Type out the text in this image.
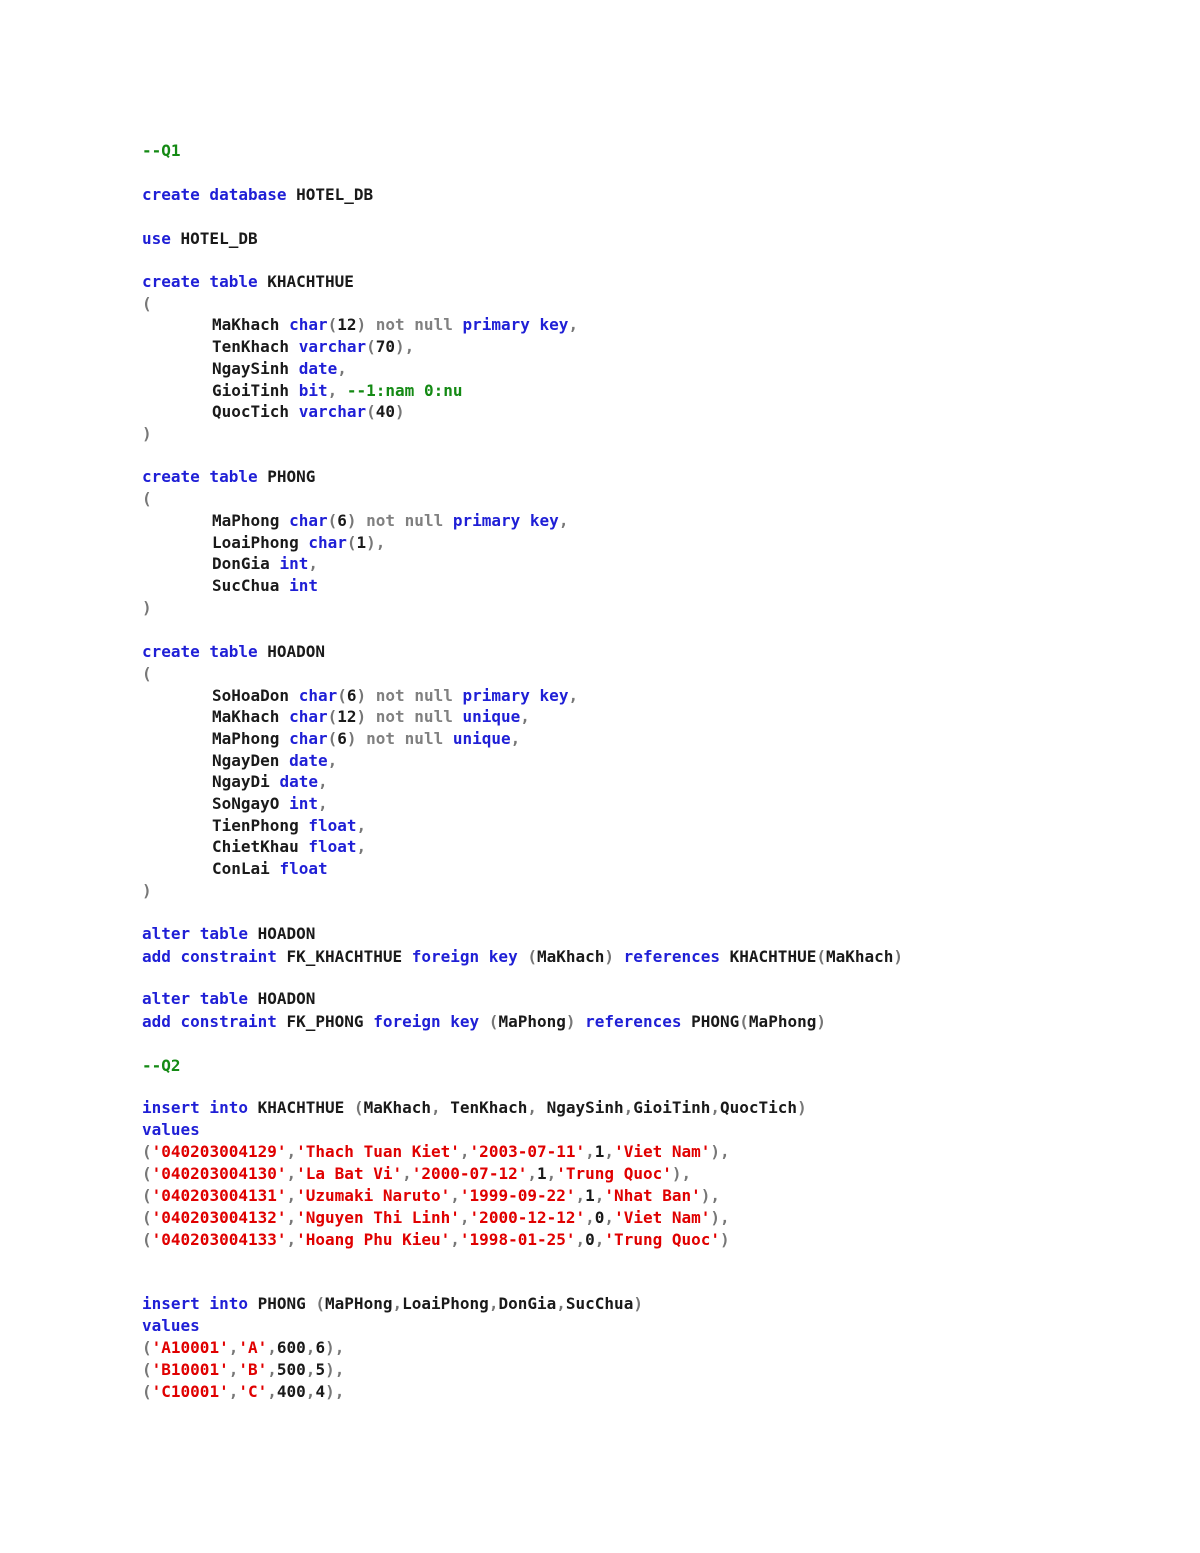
--Q1
create database HOTEL_DB
use HOTEL_DB
create table KHACHTHUE
(
MaKhach char(12) not null primary key,
TenKhach varchar(70),
NgaySinh date,
GioiTinh bit, --1:nam 0:nu
QuocTich varchar(40)
)
create table PHONG
(
MaPhong char(6) not null primary key,
LoaiPhong char(1),
DonGia int,
SucChua int
)
create table HOADON
(
SoHoaDon char(6) not null primary key,
MaKhach char(12) not null unique,
MaPhong char(6) not null unique,
NgayDen date,
NgayDi date,
SoNgayO int,
TienPhong float,
ChietKhau float,
ConLai float
)
alter table HOADON
add constraint FK_KHACHTHUE foreign key (MaKhach) references KHACHTHUE(MaKhach)
alter table HOADON
add constraint FK_PHONG foreign key (MaPhong) references PHONG(MaPhong)
--Q2
insert into KHACHTHUE (MaKhach, TenKhach, NgaySinh,GioiTinh,QuocTich)
values
('040203004129','Thach Tuan Kiet','2003-07-11',1,'Viet Nam'),
('040203004130','La Bat Vi','2000-07-12',1,'Trung Quoc'),
('040203004131','Uzumaki Naruto','1999-09-22',1,'Nhat Ban'),
('040203004132','Nguyen Thi Linh','2000-12-12',0,'Viet Nam'),
('040203004133','Hoang Phu Kieu','1998-01-25',0,'Trung Quoc')
insert into PHONG (MaPHong,LoaiPhong,DonGia,SucChua)
values
('A10001','A',600,6),
('B10001','B',500,5),
('C10001','C',400,4),
